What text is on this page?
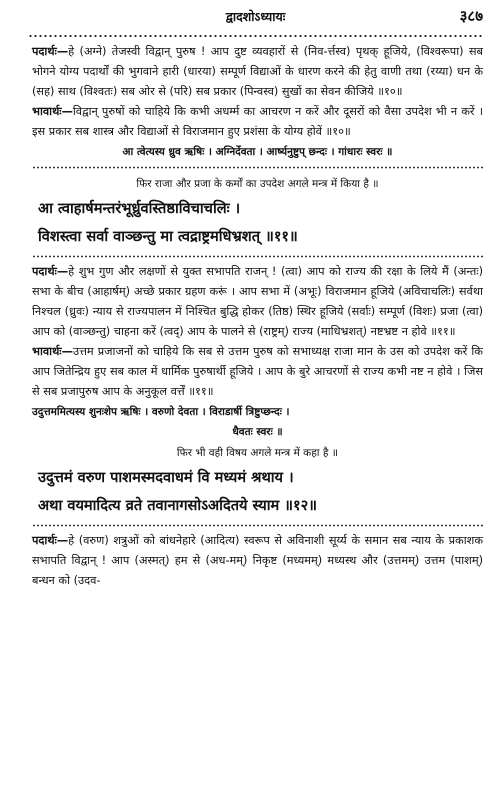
द्वादशोऽध्यायः	३८७

पदार्थः—हे (अग्ने) तेजस्वी विद्वान् पुरुष ! आप दुष्ट व्यवहारों से (निव-र्त्तस्व) पृथक् हूजिये, (विश्वरूपा) सब भोगने योग्य पदार्थों की भुगवाने हारी (धारया) सम्पूर्ण विद्याओं के धारण करने की हेतु वाणी तथा (रय्या) धन के (सह) साथ (विश्वतः) सब ओर से (परि) सब प्रकार (पिन्वस्व) सुखों का सेवन कीजिये ॥१०॥

भावार्थः—विद्वान् पुरुषों को चाहिये कि कभी अधर्म्म का आचरण न करें और दूसरों को वैसा उपदेश भी न करें । इस प्रकार सब शास्त्र और विद्याओं से विराजमान हुए प्रशंसा के योग्य होवें ॥१०॥

आ त्वेत्यस्य ध्रुव ऋषिः । अग्निर्देवता । आर्ष्यनुष्टुप् छन्दः । गांधारः स्वरः ॥
फिर राजा और प्रजा के कर्मों का उपदेश अगले मन्त्र में किया है ॥
आ त्वाहार्षमन्तरंभूर्ध्रुवस्तिष्ठाविचाचलिः ।
विशस्त्वा सर्वा वाञ्छन्तु मा त्वद्राष्ट्रमधिभ्रशत् ॥११॥

पदार्थः—हे शुभ गुण और लक्षणों से युक्त सभापति राजन् ! (त्वा) आप को राज्य की रक्षा के लिये मैं (अन्तः) सभा के बीच (आहार्षम्) अच्छे प्रकार ग्रहण करूं । आप सभा में (अभूः) विराजमान हूजिये (अविचाचलिः) सर्वथा निश्चल (ध्रुवः) न्याय से राज्यपालन में निश्चित बुद्धि होकर (तिष्ठ) स्थिर हूजिये (सर्वाः) सम्पूर्ण (विशः) प्रजा (त्वा) आप को (वाञ्छन्तु) चाहना करें (त्वद्) आप के पालने से (राष्ट्रम्) राज्य (माधिभ्रशत्) नष्टभ्रष्ट न होवे ॥११॥

भावार्थः—उत्तम प्रजाजनों को चाहिये कि सब से उत्तम पुरुष को सभाध्यक्ष राजा मान के उस को उपदेश करें कि आप जितेन्द्रिय हुए सब काल में धार्मिक पुरुषार्थी हूजिये । आप के बुरे आचरणों से राज्य कभी नष्ट न होवे । जिस से सब प्रजापुरुष आप के अनुकूल वर्त्तें ॥११॥

उदुत्तममित्यस्य शुनःशेप ऋषिः । वरुणो देवता । विराडार्षी त्रिष्टुप्छन्दः ।
धैवतः स्वरः ॥
फिर भी वही विषय अगले मन्त्र में कहा है ॥
उदुत्तमं वरुण पाशमस्मदवाधमं वि मध्यमं श्रथाय ।
अथा वयमादित्य व्रते तवानागसोऽअदितये स्याम ॥१२॥

पदार्थः—हे (वरुण) शत्रुओं को बांधनेहारे (आदित्य) स्वरूप से अविनाशी सूर्य्य के समान सब न्याय के प्रकाशक सभापति विद्वान् ! आप (अस्मत्) हम से (अध-मम्) निकृष्ट (मध्यमम्) मध्यस्थ और (उत्तमम्) उत्तम (पाशम्) बन्धन को (उदव-
